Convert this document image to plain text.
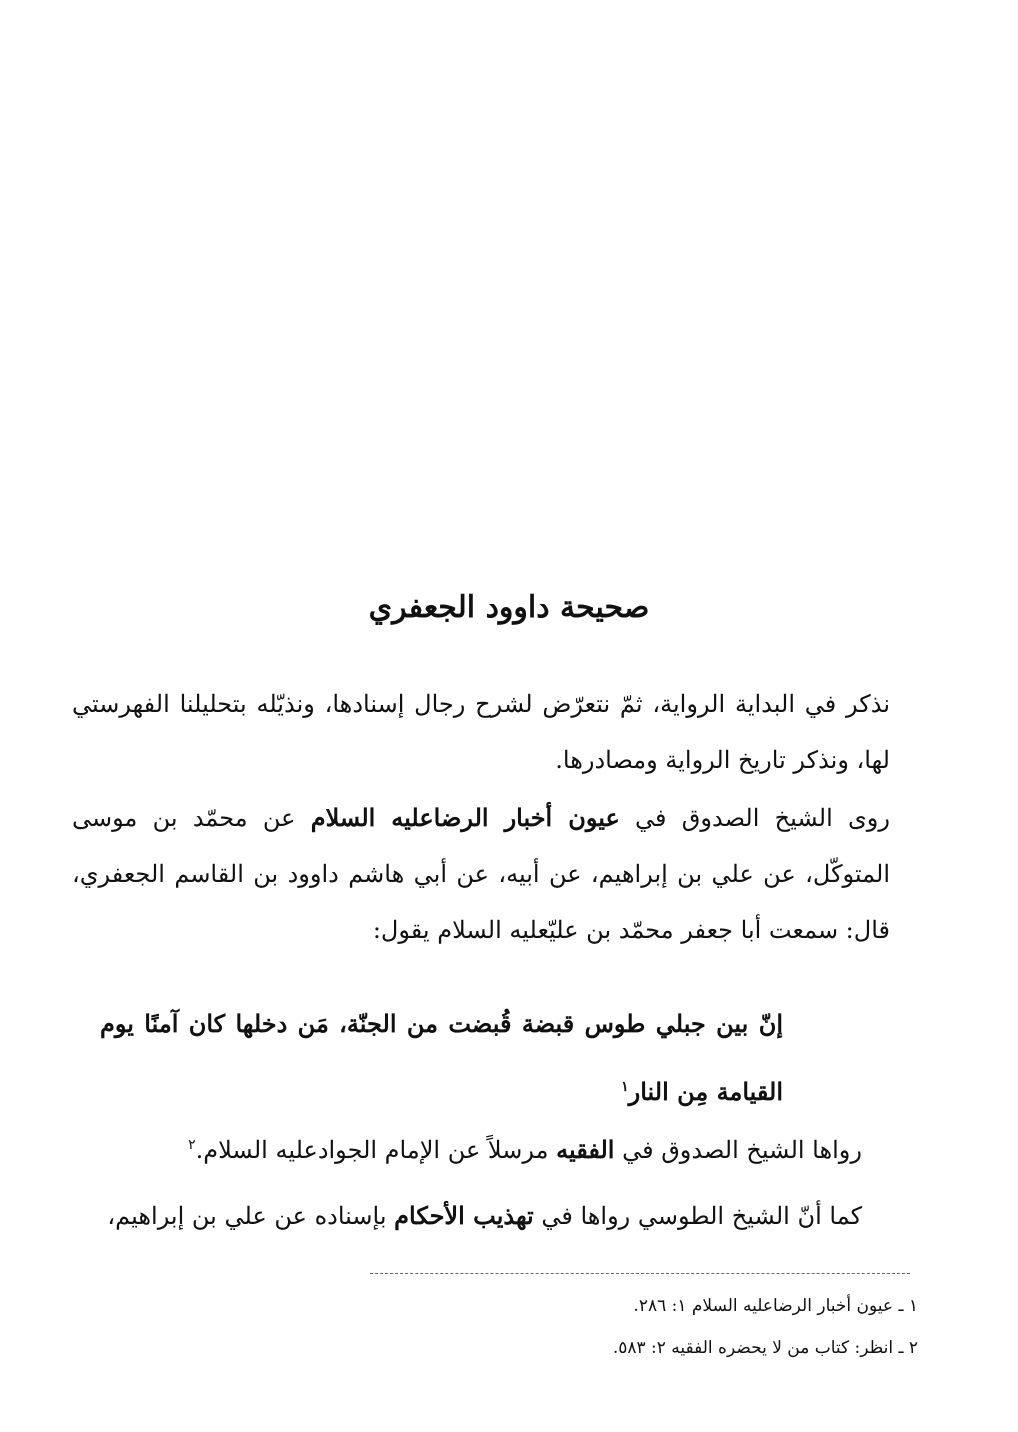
صحيحة داوود الجعفري
نذكر في البداية الرواية، ثمّ نتعرّض لشرح رجال إسنادها، ونذيّله بتحليلنا الفهرستي لها، ونذكر تاريخ الرواية ومصادرها.
روى الشيخ الصدوق في عيون أخبار الرضاعليه السلام عن محمّد بن موسى المتوكّل، عن علي بن إبراهيم، عن أبيه، عن أبي هاشم داوود بن القاسم الجعفري، قال: سمعت أبا جعفر محمّد بن عليّعليه السلام يقول:
إنّ بين جبلي طوس قبضة قُبضت من الجنّة، مَن دخلها كان آمنًا يوم القيامة مِن النار$^١$
رواها الشيخ الصدوق في الفقيه مرسلاً عن الإمام الجوادعليه السلام.$^٢$
كما أنّ الشيخ الطوسي رواها في تهذيب الأحكام بإسناده عن علي بن إبراهيم،
١ ـ عيون أخبار الرضاعليه السلام ١: ٢٨٦.
٢ ـ انظر: كتاب من لا يحضره الفقيه ٢: ٥٨٣.
